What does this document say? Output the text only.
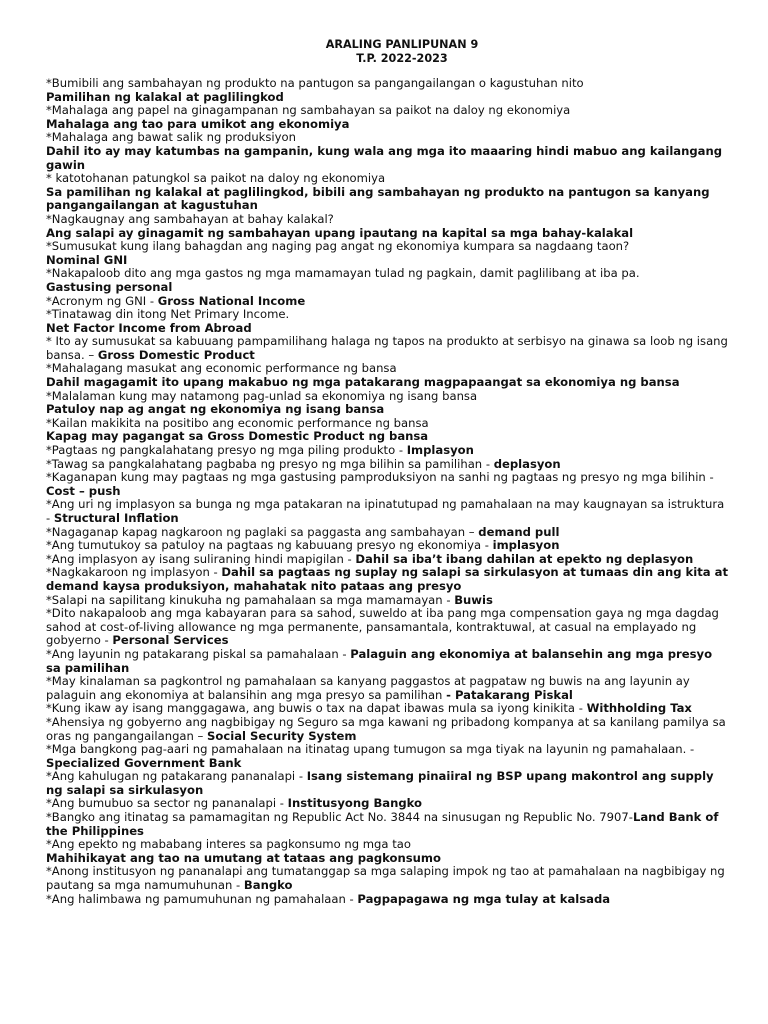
ARALING PANLIPUNAN 9
T.P. 2022-2023

*Bumibili ang sambahayan ng produkto na pantugon sa pangangailangan o kagustuhan nito

Pamilihan ng kalakal at paglilingkod

*Mahalaga ang papel na ginagampanan ng sambahayan sa paikot na daloy ng ekonomiya

Mahalaga ang tao para umikot ang ekonomiya

*Mahalaga ang bawat salik ng produksiyon

Dahil ito ay may katumbas na gampanin, kung wala ang mga ito maaaring hindi mabuo ang kailangang gawin

* katotohanan patungkol sa paikot na daloy ng ekonomiya

Sa pamilihan ng kalakal at paglilingkod, bibili ang sambahayan ng produkto na pantugon sa kanyang pangangailangan at kagustuhan

*Nagkaugnay ang sambahayan at bahay kalakal?

Ang salapi ay ginagamit ng sambahayan upang ipautang na kapital sa mga bahay-kalakal

*Sumusukat kung ilang bahagdan ang naging pag angat ng ekonomiya kumpara sa nagdaang taon?

Nominal GNI

*Nakapaloob dito ang mga gastos ng mga mamamayan tulad ng pagkain, damit paglilibang at iba pa.

Gastusing personal

*Acronym ng GNI - Gross National Income

*Tinatawag din itong Net Primary Income.

Net Factor Income from Abroad

* Ito ay sumusukat sa kabuuang pampamilihang halaga ng tapos na produkto at serbisyo na ginawa sa loob ng isang bansa. – Gross Domestic Product

*Mahalagang masukat ang economic performance ng bansa

Dahil magagamit ito upang makabuo ng mga patakarang magpapaangat sa ekonomiya ng bansa

*Malalaman kung may natamong pag-unlad sa ekonomiya ng isang bansa

Patuloy nap ag angat ng ekonomiya ng isang bansa

*Kailan makikita na positibo ang economic performance ng bansa

Kapag may pagangat sa Gross Domestic Product ng bansa

*Pagtaas ng pangkalahatang presyo ng mga piling produkto - Implasyon

*Tawag sa pangkalahatang pagbaba ng presyo ng mga bilihin sa pamilihan - deplasyon

*Kaganapan kung may pagtaas ng mga gastusing pamproduksiyon na sanhi ng pagtaas ng presyo ng mga bilihin - Cost – push

*Ang uri ng implasyon sa bunga ng mga patakaran na ipinatutupad ng pamahalaan na may kaugnayan sa istruktura - Structural Inflation

*Nagaganap kapag nagkaroon ng paglaki sa paggasta ang sambahayan – demand pull

*Ang tumutukoy sa patuloy na pagtaas ng kabuuang presyo ng ekonomiya - implasyon

*Ang implasyon ay isang suliraning hindi mapigilan - Dahil sa iba’t ibang dahilan at epekto ng deplasyon

*Nagkakaroon ng implasyon - Dahil sa pagtaas ng suplay ng salapi sa sirkulasyon at tumaas din ang kita at demand kaysa produksiyon, mahahatak nito pataas ang presyo

*Salapi na sapilitang kinukuha ng pamahalaan sa mga mamamayan - Buwis

*Dito nakapaloob ang mga kabayaran para sa sahod, suweldo at iba pang mga compensation gaya ng mga dagdag sahod at cost-of-living allowance ng mga permanente, pansamantala, kontraktuwal, at casual na emplayado ng gobyerno - Personal Services

*Ang layunin ng patakarang piskal sa pamahalaan - Palaguin ang ekonomiya at balansehin ang mga presyo sa pamilihan

*May kinalaman sa pagkontrol ng pamahalaan sa kanyang paggastos at pagpataw ng buwis na ang layunin ay palaguin ang ekonomiya at balansihin ang mga presyo sa pamilihan - Patakarang Piskal

*Kung ikaw ay isang manggagawa, ang buwis o tax na dapat ibawas mula sa iyong kinikita - Withholding Tax

*Ahensiya ng gobyerno ang nagbibigay ng Seguro sa mga kawani ng pribadong kompanya at sa kanilang pamilya sa oras ng pangangailangan – Social Security System

*Mga bangkong pag-aari ng pamahalaan na itinatag upang tumugon sa mga tiyak na layunin ng pamahalaan. - Specialized Government Bank

*Ang kahulugan ng patakarang pananalapi - Isang sistemang pinaiiral ng BSP upang makontrol ang supply ng salapi sa sirkulasyon

*Ang bumubuo sa sector ng pananalapi - Institusyong Bangko

*Bangko ang itinatag sa pamamagitan ng Republic Act No. 3844 na sinusugan ng Republic No. 7907-Land Bank of the Philippines

*Ang epekto ng mababang interes sa pagkonsumo ng mga tao

Mahihikayat ang tao na umutang at tataas ang pagkonsumo

*Anong institusyon ng pananalapi ang tumatanggap sa mga salaping impok ng tao at pamahalaan na nagbibigay ng pautang sa mga namumuhunan - Bangko

*Ang halimbawa ng pamumuhunan ng pamahalaan - Pagpapagawa ng mga tulay at kalsada
